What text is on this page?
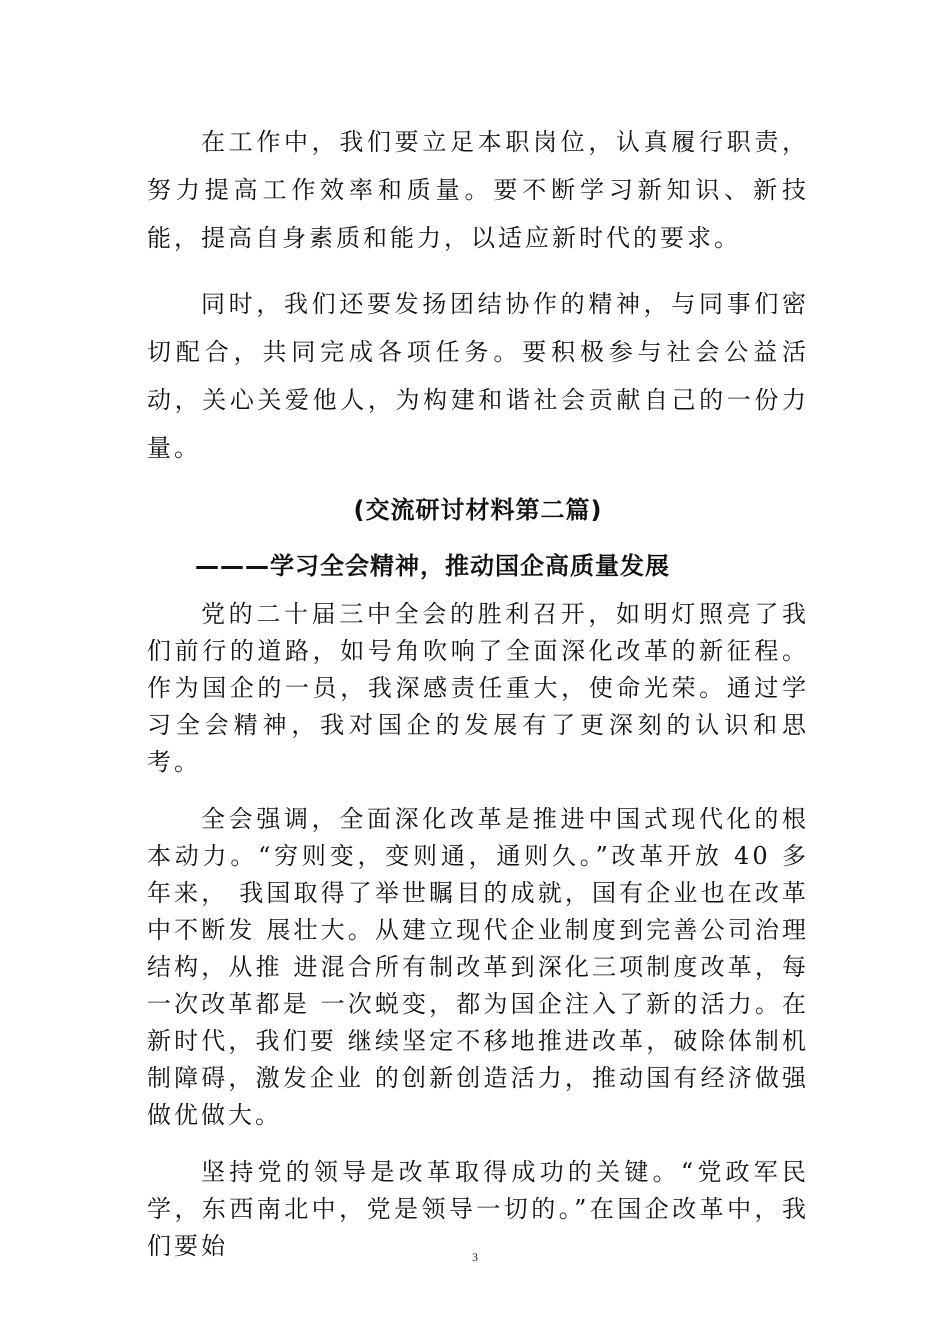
在工作中，我们要立足本职岗位，认真履行职责，努力提高工作效率和质量。要不断学习新知识、新技能，提高自身素质和能力，以适应新时代的要求。

同时，我们还要发扬团结协作的精神，与同事们密切配合，共同完成各项任务。要积极参与社会公益活动，关心关爱他人，为构建和谐社会贡献自己的一份力量。

(交流研讨材料第二篇)
———学习全会精神，推动国企高质量发展

党的二十届三中全会的胜利召开，如明灯照亮了我们前行的道路，如号角吹响了全面深化改革的新征程。作为国企的一员，我深感责任重大，使命光荣。通过学习全会精神，我对国企的发展有了更深刻的认识和思考。

全会强调，全面深化改革是推进中国式现代化的根本动力。“穷则变，变则通，通则久。”改革开放 40 多年来， 我国取得了举世瞩目的成就，国有企业也在改革中不断发 展壮大。从建立现代企业制度到完善公司治理结构，从推 进混合所有制改革到深化三项制度改革，每一次改革都是 一次蜕变，都为国企注入了新的活力。在新时代，我们要 继续坚定不移地推进改革，破除体制机制障碍，激发企业 的创新创造活力，推动国有经济做强做优做大。

坚持党的领导是改革取得成功的关键。“党政军民学，东西南北中，党是领导一切的。”在国企改革中，我们要始	3
